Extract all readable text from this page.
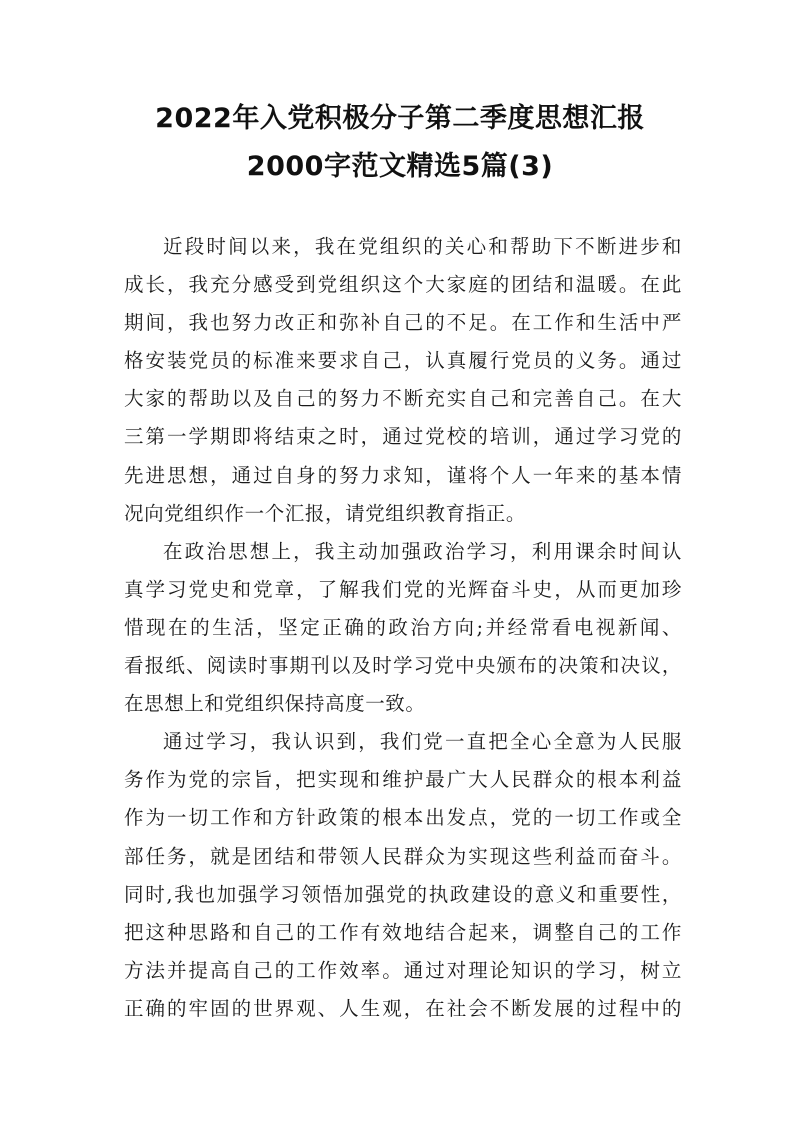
2022年入党积极分子第二季度思想汇报
2000字范文精选5篇(3)
近段时间以来，我在党组织的关心和帮助下不断进步和
成长，我充分感受到党组织这个大家庭的团结和温暖。在此
期间，我也努力改正和弥补自己的不足。在工作和生活中严
格安装党员的标准来要求自己，认真履行党员的义务。通过
大家的帮助以及自己的努力不断充实自己和完善自己。在大
三第一学期即将结束之时，通过党校的培训，通过学习党的
先进思想，通过自身的努力求知，谨将个人一年来的基本情
况向党组织作一个汇报，请党组织教育指正。
在政治思想上，我主动加强政治学习，利用课余时间认
真学习党史和党章，了解我们党的光辉奋斗史，从而更加珍
惜现在的生活，坚定正确的政治方向;并经常看电视新闻、
看报纸、阅读时事期刊以及时学习党中央颁布的决策和决议，
在思想上和党组织保持高度一致。
通过学习，我认识到，我们党一直把全心全意为人民服
务作为党的宗旨，把实现和维护最广大人民群众的根本利益
作为一切工作和方针政策的根本出发点，党的一切工作或全
部任务，就是团结和带领人民群众为实现这些利益而奋斗。
同时,我也加强学习领悟加强党的执政建设的意义和重要性，
把这种思路和自己的工作有效地结合起来，调整自己的工作
方法并提高自己的工作效率。通过对理论知识的学习，树立
正确的牢固的世界观、人生观，在社会不断发展的过程中的
